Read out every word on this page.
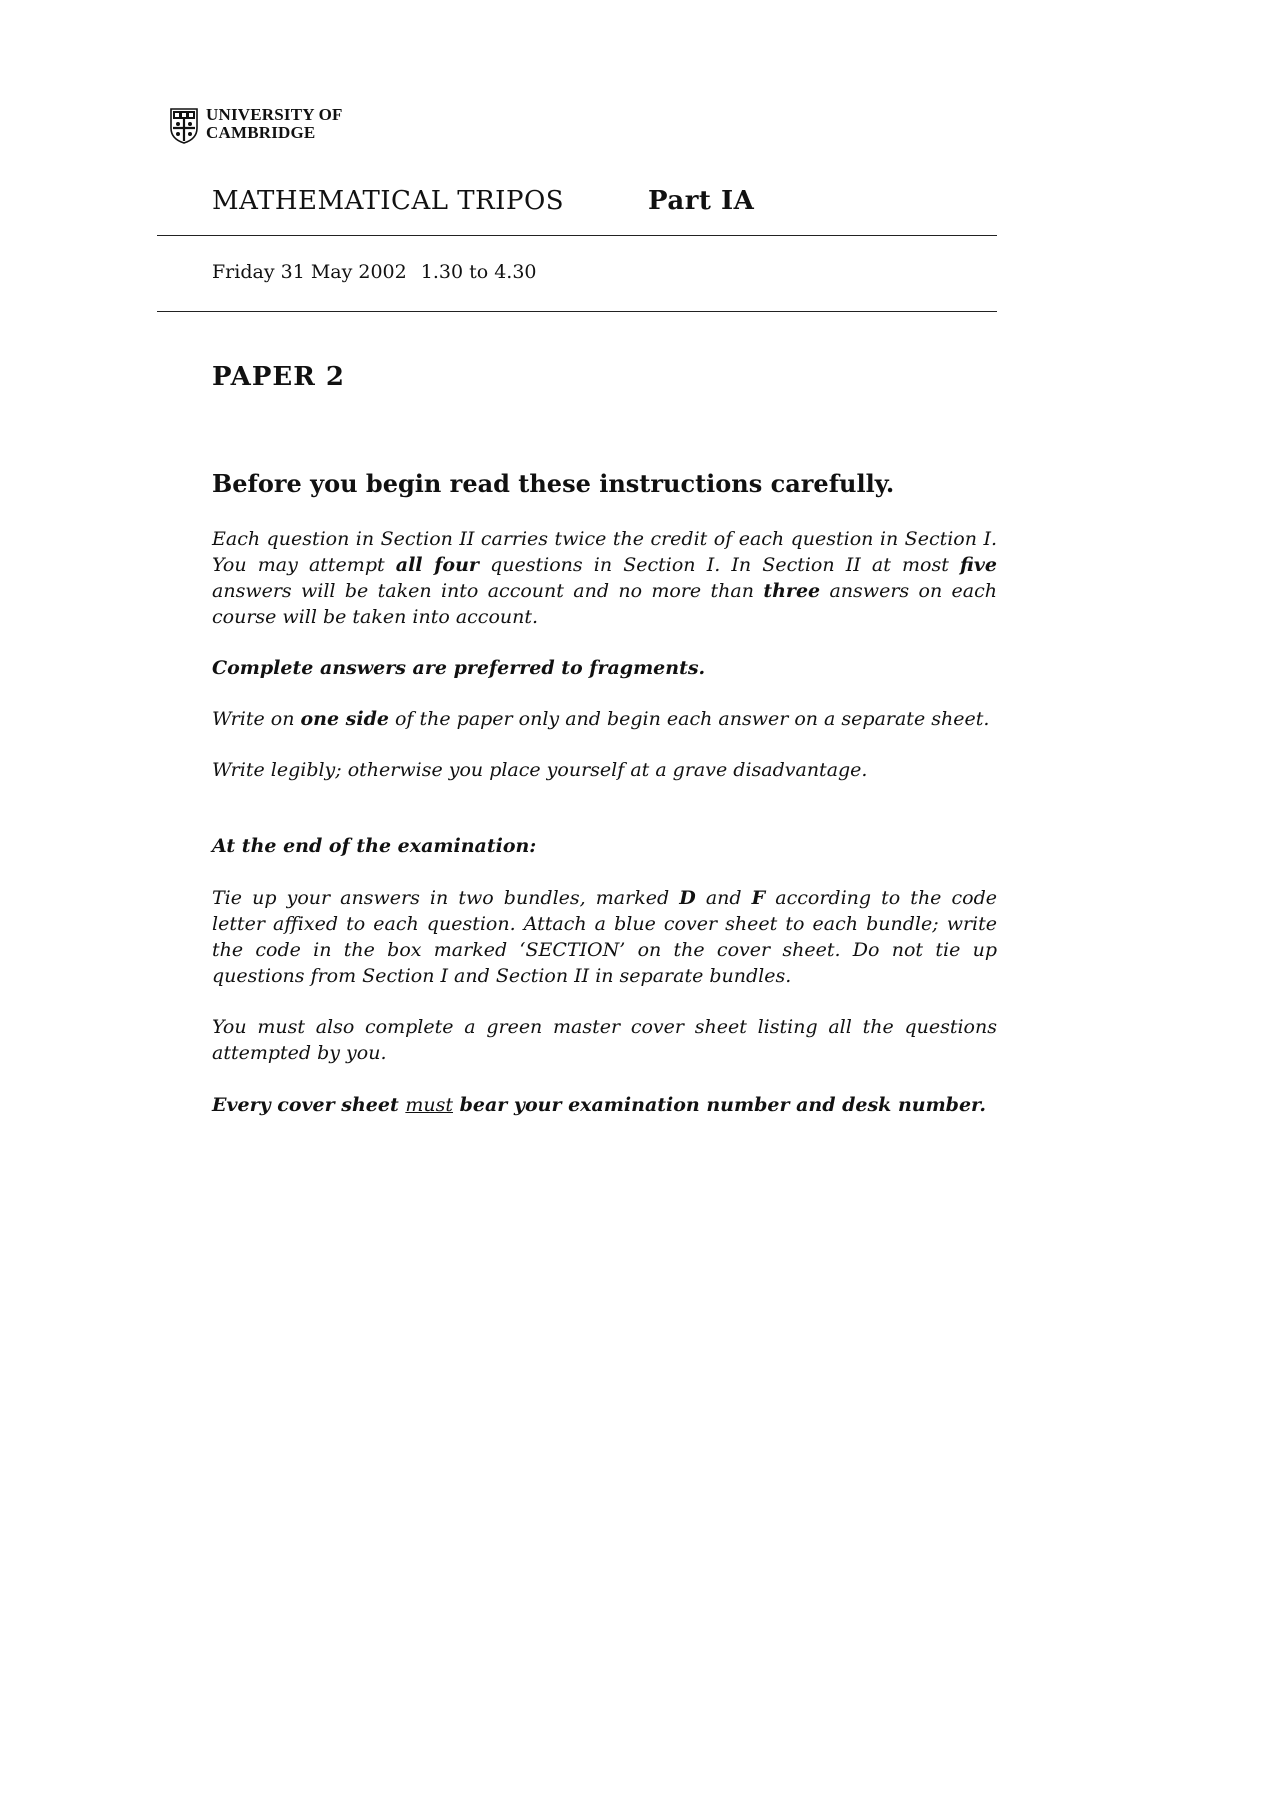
UNIVERSITY OF
CAMBRIDGE
MATHEMATICAL TRIPOS	Part IA
Friday 31 May 2002 1.30 to 4.30
PAPER 2
Before you begin read these instructions carefully.
Each question in Section II carries twice the credit of each question in Section I. You may attempt all four questions in Section I. In Section II at most five answers will be taken into account and no more than three answers on each course will be taken into account.
Complete answers are preferred to fragments.
Write on one side of the paper only and begin each answer on a separate sheet.
Write legibly; otherwise you place yourself at a grave disadvantage.
At the end of the examination:
Tie up your answers in two bundles, marked D and F according to the code letter affixed to each question. Attach a blue cover sheet to each bundle; write the code in the box marked ‘SECTION’ on the cover sheet. Do not tie up questions from Section I and Section II in separate bundles.
You must also complete a green master cover sheet listing all the questions attempted by you.
Every cover sheet must bear your examination number and desk number.
